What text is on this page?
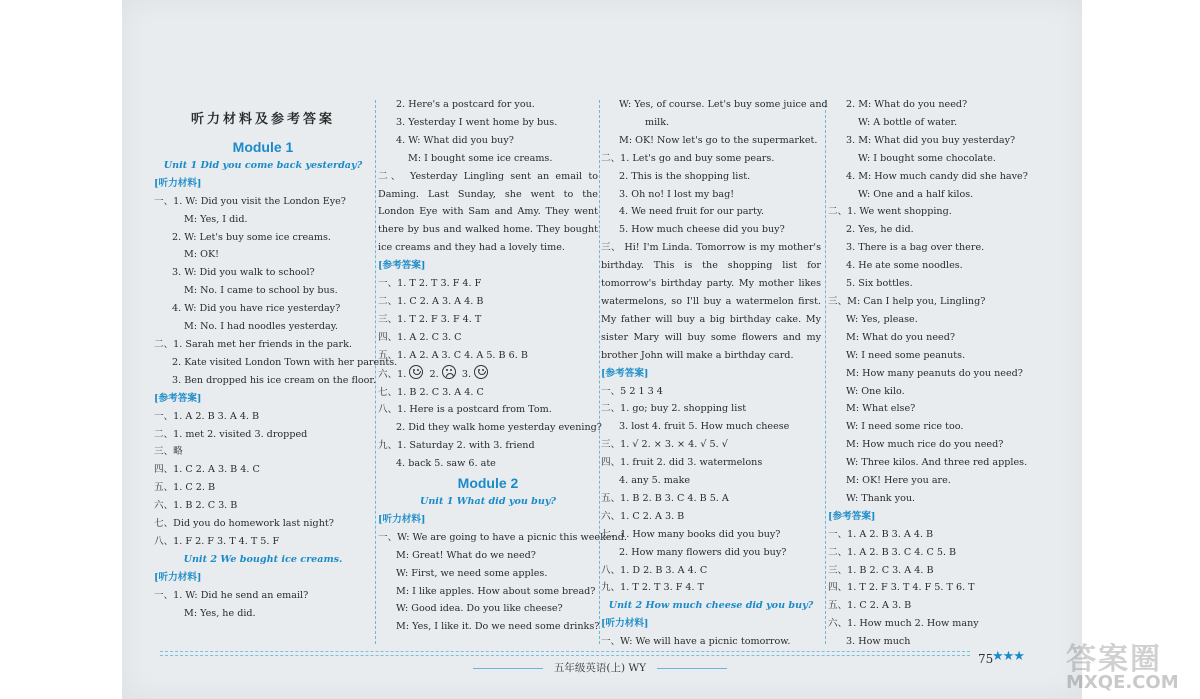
听力材料及参考答案
Module 1
Unit 1 Did you come back yesterday?
[听力材料]
一、1. W: Did you visit the London Eye?
M: Yes, I did.
2. W: Let's buy some ice creams.
M: OK!
3. W: Did you walk to school?
M: No. I came to school by bus.
4. W: Did you have rice yesterday?
M: No. I had noodles yesterday.
二、1. Sarah met her friends in the park.
2. Kate visited London Town with her parents.
3. Ben dropped his ice cream on the floor.
[参考答案]
一、1. A 2. B 3. A 4. B
二、1. met 2. visited 3. dropped
三、略
四、1. C 2. A 3. B 4. C
五、1. C 2. B
六、1. B 2. C 3. B
七、Did you do homework last night?
八、1. F 2. F 3. T 4. T 5. F
Unit 2 We bought ice creams.
[听力材料]
一、1. W: Did he send an email?
M: Yes, he did.
2. Here's a postcard for you.
3. Yesterday I went home by bus.
4. W: What did you buy?
M: I bought some ice creams.
二、 Yesterday Lingling sent an email to Daming. Last Sunday, she went to the London Eye with Sam and Amy. They went there by bus and walked home. They bought ice creams and they had a lovely time.
[参考答案]
一、1. T 2. T 3. F 4. F
二、1. C 2. A 3. A 4. B
三、1. T 2. F 3. F 4. T
四、1. A 2. C 3. C
五、1. A 2. A 3. C 4. A 5. B 6. B
六、1. 2. 3.
七、1. B 2. C 3. A 4. C
八、1. Here is a postcard from Tom.
2. Did they walk home yesterday evening?
九、1. Saturday 2. with 3. friend
4. back 5. saw 6. ate
Module 2
Unit 1 What did you buy?
[听力材料]
一、W: We are going to have a picnic this weekend.
M: Great! What do we need?
W: First, we need some apples.
M: I like apples. How about some bread?
W: Good idea. Do you like cheese?
M: Yes, I like it. Do we need some drinks?
W: Yes, of course. Let's buy some juice and
milk.
M: OK! Now let's go to the supermarket.
二、1. Let's go and buy some pears.
2. This is the shopping list.
3. Oh no! I lost my bag!
4. We need fruit for our party.
5. How much cheese did you buy?
三、 Hi! I'm Linda. Tomorrow is my mother's birthday. This is the shopping list for tomorrow's birthday party. My mother likes watermelons, so I'll buy a watermelon first. My father will buy a big birthday cake. My sister Mary will buy some flowers and my brother John will make a birthday card.
[参考答案]
一、5 2 1 3 4
二、1. go; buy 2. shopping list
3. lost 4. fruit 5. How much cheese
三、1. √ 2. × 3. × 4. √ 5. √
四、1. fruit 2. did 3. watermelons
4. any 5. make
五、1. B 2. B 3. C 4. B 5. A
六、1. C 2. A 3. B
七、1. How many books did you buy?
2. How many flowers did you buy?
八、1. D 2. B 3. A 4. C
九、1. T 2. T 3. F 4. T
Unit 2 How much cheese did you buy?
[听力材料]
一、W: We will have a picnic tomorrow.
2. M: What do you need?
W: A bottle of water.
3. M: What did you buy yesterday?
W: I bought some chocolate.
4. M: How much candy did she have?
W: One and a half kilos.
二、1. We went shopping.
2. Yes, he did.
3. There is a bag over there.
4. He ate some noodles.
5. Six bottles.
三、M: Can I help you, Lingling?
W: Yes, please.
M: What do you need?
W: I need some peanuts.
M: How many peanuts do you need?
W: One kilo.
M: What else?
W: I need some rice too.
M: How much rice do you need?
W: Three kilos. And three red apples.
M: OK! Here you are.
W: Thank you.
[参考答案]
一、1. A 2. B 3. A 4. B
二、1. A 2. B 3. C 4. C 5. B
三、1. B 2. C 3. A 4. B
四、1. T 2. F 3. T 4. F 5. T 6. T
五、1. C 2. A 3. B
六、1. How much 2. How many
3. How much
五年级英语(上) WY
75
★★★ 答案圈
MXQE.COM
